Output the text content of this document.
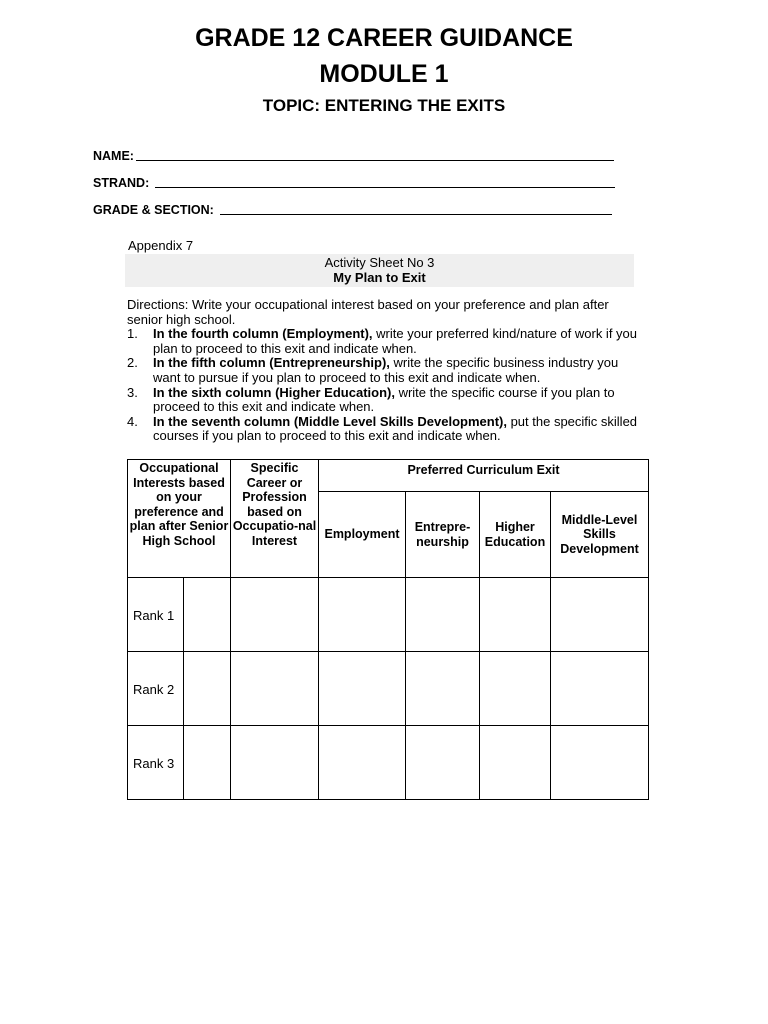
GRADE 12 CAREER GUIDANCE
MODULE 1
TOPIC: ENTERING THE EXITS
NAME:
STRAND:
GRADE & SECTION:
Appendix 7
Activity Sheet No 3
My Plan to Exit
Directions: Write your occupational interest based on your preference and plan after senior high school.
1. In the fourth column (Employment), write your preferred kind/nature of work if you plan to proceed to this exit and indicate when.
2. In the fifth column (Entrepreneurship), write the specific business industry you want to pursue if you plan to proceed to this exit and indicate when.
3. In the sixth column (Higher Education), write the specific course if you plan to proceed to this exit and indicate when.
4. In the seventh column (Middle Level Skills Development), put the specific skilled courses if you plan to proceed to this exit and indicate when.
Occupational Interests based on your preference and plan after Senior High School		Specific Career or Profession based on Occupatio-nal Interest	Preferred Curriculum Exit			
			Employment	Entrepre-neurship	Higher Education	Middle-Level Skills Development
Rank 1						
Rank 2						
Rank 3						
